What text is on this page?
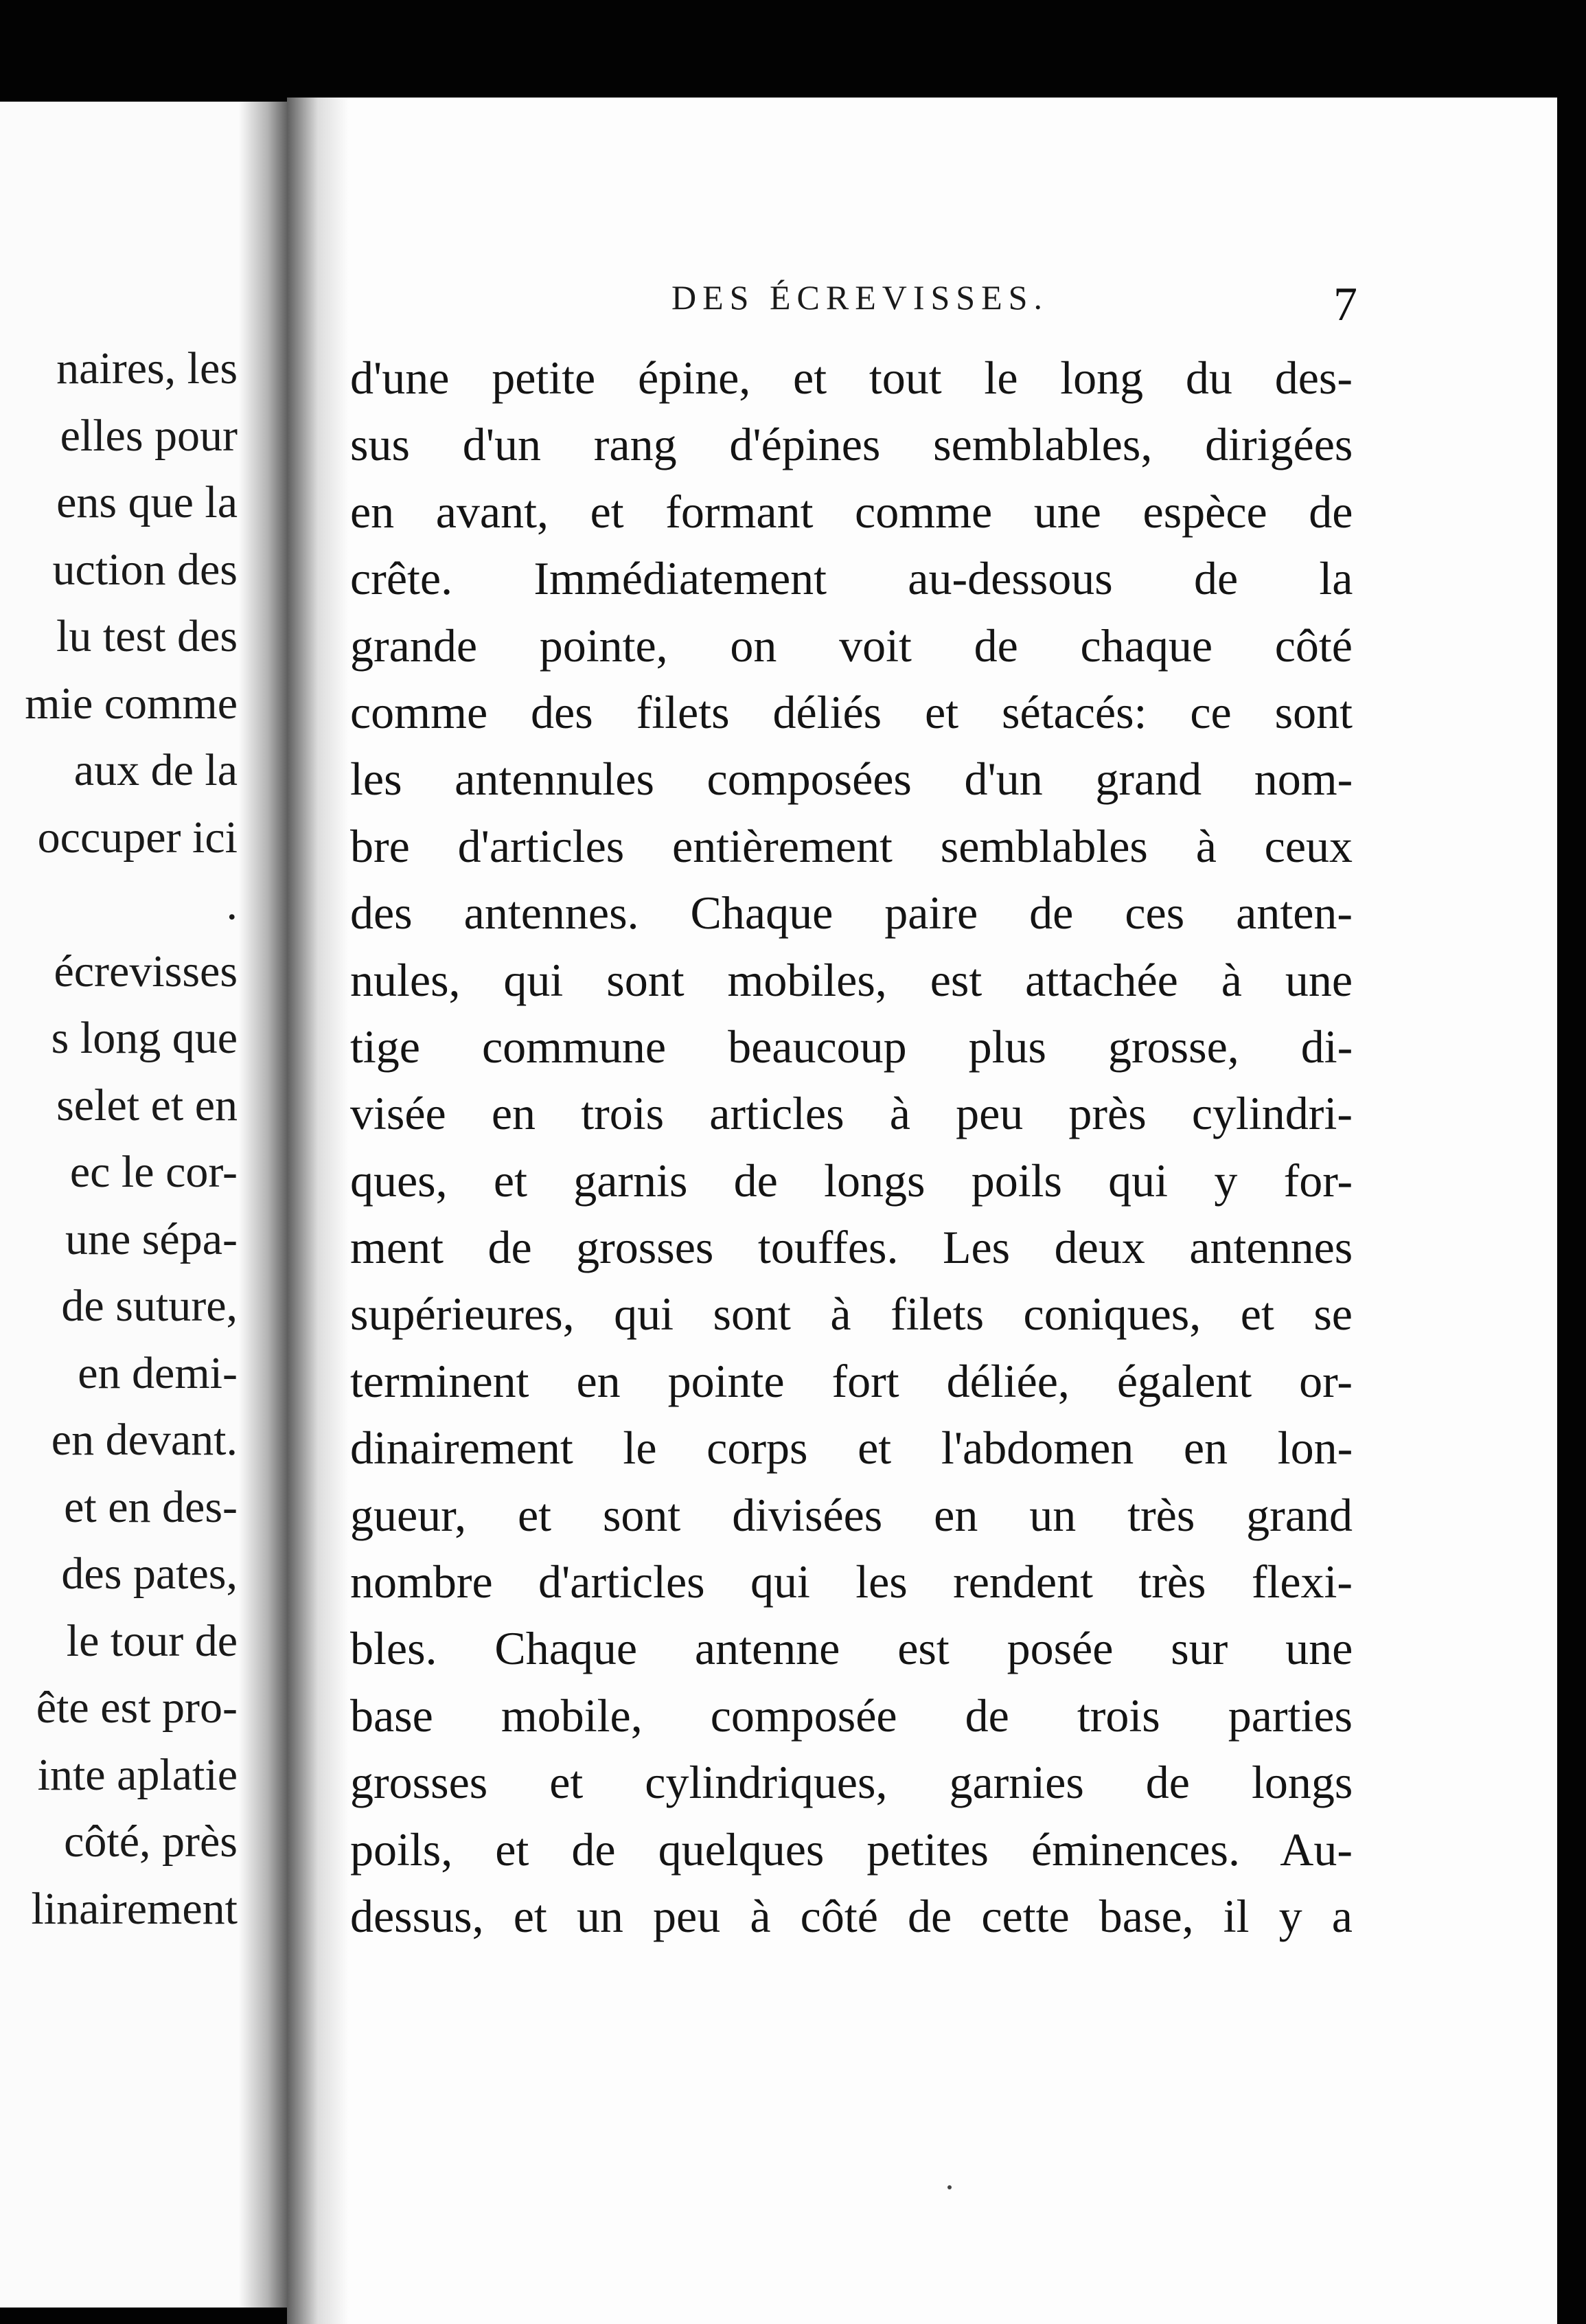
naires, les
elles pour
ens que la
uction des
lu test des
mie comme
aux de la
occuper ici
.
écrevisses
s long que
selet et en
ec le cor-
une sépa-
de suture,
en demi-
en devant.
et en des-
des pates,
le tour de
ête est pro-
inte aplatie
côté, près
linairement
DES ÉCREVISSES.	7
d'une petite épine, et tout le long du des-
sus d'un rang d'épines semblables, dirigées
en avant, et formant comme une espèce de
crête. Immédiatement au-dessous de la
grande pointe, on voit de chaque côté
comme des filets déliés et sétacés: ce sont
les antennules composées d'un grand nom-
bre d'articles entièrement semblables à ceux
des antennes. Chaque paire de ces anten-
nules, qui sont mobiles, est attachée à une
tige commune beaucoup plus grosse, di-
visée en trois articles à peu près cylindri-
ques, et garnis de longs poils qui y for-
ment de grosses touffes. Les deux antennes
supérieures, qui sont à filets coniques, et se
terminent en pointe fort déliée, égalent or-
dinairement le corps et l'abdomen en lon-
gueur, et sont divisées en un très grand
nombre d'articles qui les rendent très flexi-
bles. Chaque antenne est posée sur une
base mobile, composée de trois parties
grosses et cylindriques, garnies de longs
poils, et de quelques petites éminences. Au-
dessus, et un peu à côté de cette base, il y a
